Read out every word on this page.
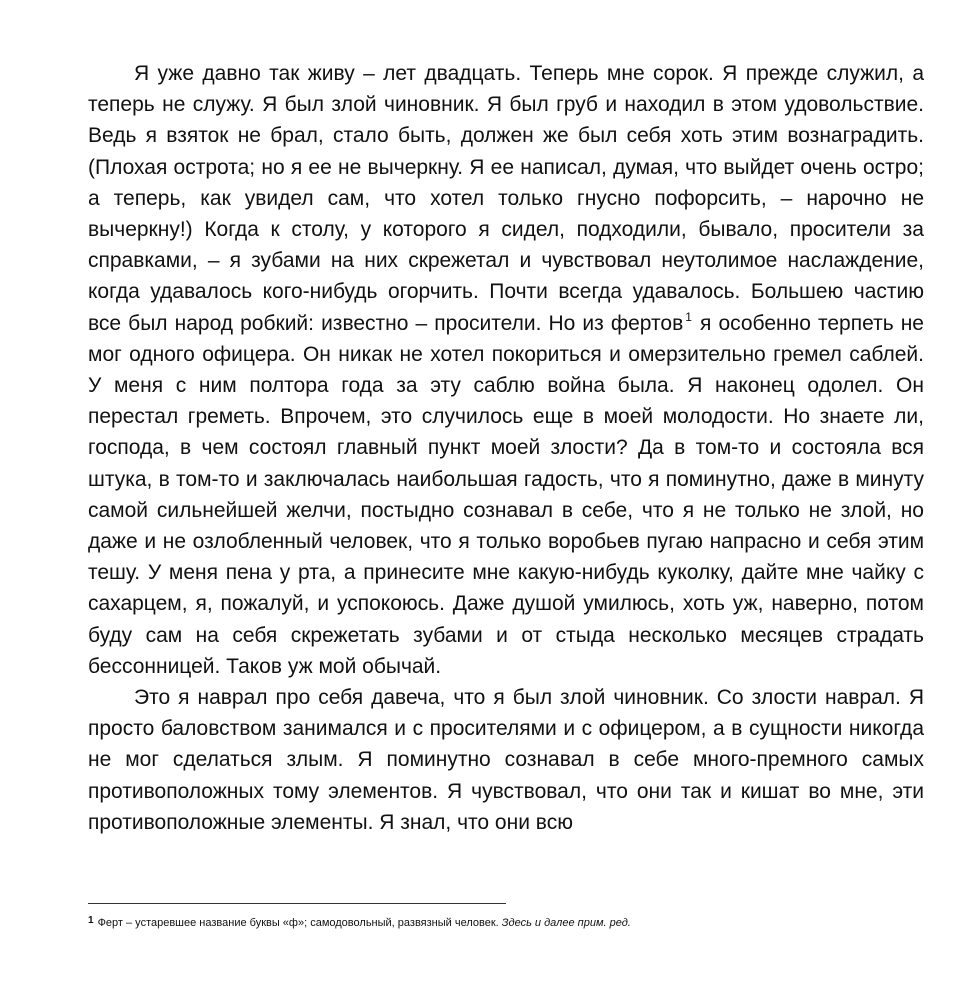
Я уже давно так живу – лет двадцать. Теперь мне сорок. Я прежде служил, а теперь не служу. Я был злой чиновник. Я был груб и находил в этом удовольствие. Ведь я взяток не брал, стало быть, должен же был себя хоть этим вознаградить. (Плохая острота; но я ее не вычеркну. Я ее написал, думая, что выйдет очень остро; а теперь, как увидел сам, что хотел только гнусно пофорсить, – нарочно не вычеркну!) Когда к столу, у которого я сидел, подходили, бывало, просители за справками, – я зубами на них скрежетал и чувствовал неутолимое наслаждение, когда удавалось кого-нибудь огорчить. Почти всегда удавалось. Большею частию все был народ робкий: известно – просители. Но из фертов $^1$ я особенно терпеть не мог одного офицера. Он никак не хотел покориться и омерзительно гремел саблей. У меня с ним полтора года за эту саблю война была. Я наконец одолел. Он перестал греметь. Впрочем, это случилось еще в моей молодости. Но знаете ли, господа, в чем состоял главный пункт моей злости? Да в том-то и состояла вся штука, в том-то и заключалась наибольшая гадость, что я поминутно, даже в минуту самой сильнейшей желчи, постыдно сознавал в себе, что я не только не злой, но даже и не озлобленный человек, что я только воробьев пугаю напрасно и себя этим тешу. У меня пена у рта, а принесите мне какую-нибудь куколку, дайте мне чайку с сахарцем, я, пожалуй, и успокоюсь. Даже душой умилюсь, хоть уж, наверно, потом буду сам на себя скрежетать зубами и от стыда несколько месяцев страдать бессонницей. Таков уж мой обычай.

Это я наврал про себя давеча, что я был злой чиновник. Со злости наврал. Я просто баловством занимался и с просителями и с офицером, а в сущности никогда не мог сделаться злым. Я поминутно сознавал в себе много-премного самых противоположных тому элементов. Я чувствовал, что они так и кишат во мне, эти противоположные элементы. Я знал, что они всю

1 Ферт – устаревшее название буквы «ф»; самодовольный, развязный человек. Здесь и далее прим. ред.
